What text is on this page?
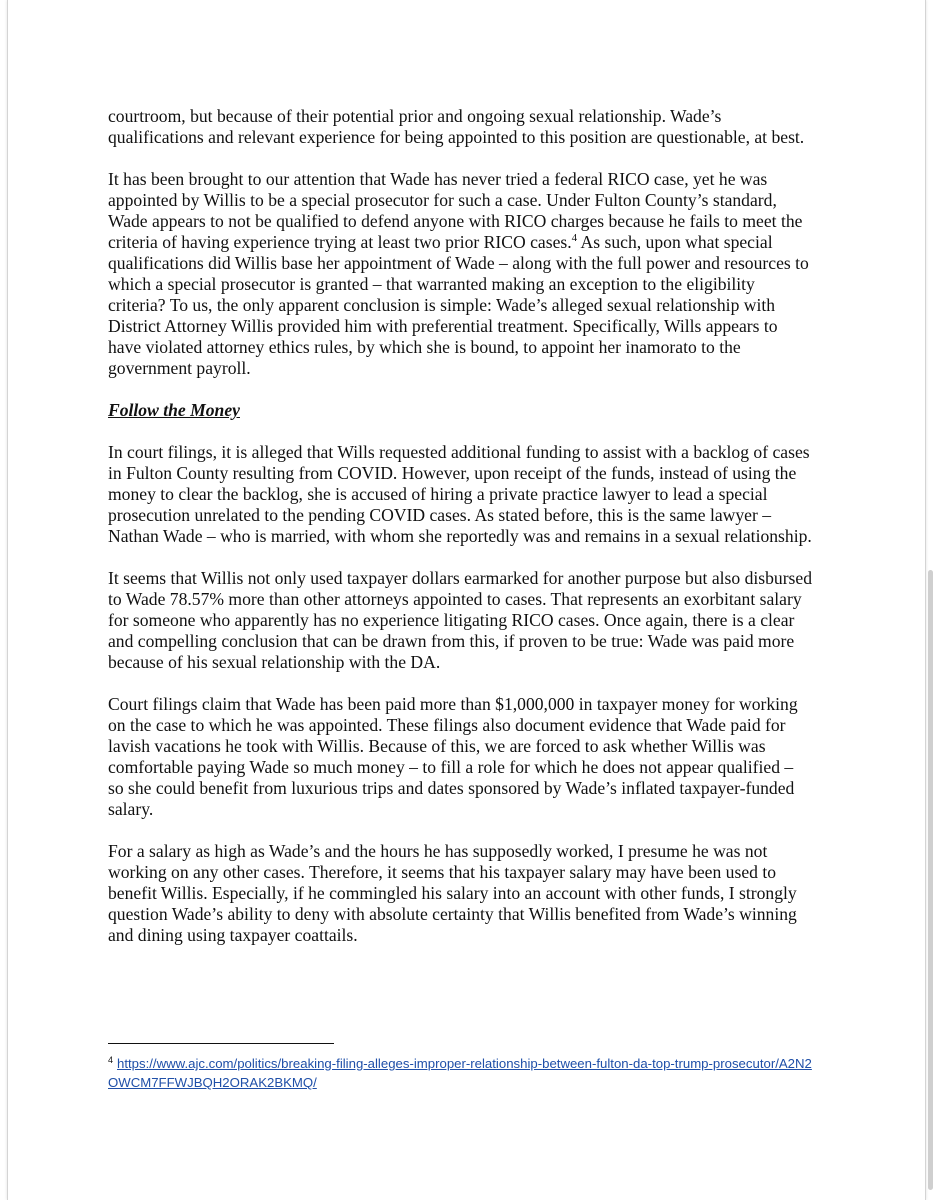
courtroom, but because of their potential prior and ongoing sexual relationship. Wade’s qualifications and relevant experience for being appointed to this position are questionable, at best.

It has been brought to our attention that Wade has never tried a federal RICO case, yet he was appointed by Willis to be a special prosecutor for such a case. Under Fulton County’s standard, Wade appears to not be qualified to defend anyone with RICO charges because he fails to meet the criteria of having experience trying at least two prior RICO cases.$^4$ As such, upon what special qualifications did Willis base her appointment of Wade – along with the full power and resources to which a special prosecutor is granted – that warranted making an exception to the eligibility criteria? To us, the only apparent conclusion is simple: Wade’s alleged sexual relationship with District Attorney Willis provided him with preferential treatment. Specifically, Wills appears to have violated attorney ethics rules, by which she is bound, to appoint her inamorato to the government payroll.

Follow the Money

In court filings, it is alleged that Wills requested additional funding to assist with a backlog of cases in Fulton County resulting from COVID. However, upon receipt of the funds, instead of using the money to clear the backlog, she is accused of hiring a private practice lawyer to lead a special prosecution unrelated to the pending COVID cases. As stated before, this is the same lawyer – Nathan Wade – who is married, with whom she reportedly was and remains in a sexual relationship.

It seems that Willis not only used taxpayer dollars earmarked for another purpose but also disbursed to Wade 78.57% more than other attorneys appointed to cases. That represents an exorbitant salary for someone who apparently has no experience litigating RICO cases. Once again, there is a clear and compelling conclusion that can be drawn from this, if proven to be true: Wade was paid more because of his sexual relationship with the DA.

Court filings claim that Wade has been paid more than $1,000,000 in taxpayer money for working on the case to which he was appointed. These filings also document evidence that Wade paid for lavish vacations he took with Willis. Because of this, we are forced to ask whether Willis was comfortable paying Wade so much money – to fill a role for which he does not appear qualified – so she could benefit from luxurious trips and dates sponsored by Wade’s inflated taxpayer-funded salary.

For a salary as high as Wade’s and the hours he has supposedly worked, I presume he was not working on any other cases. Therefore, it seems that his taxpayer salary may have been used to benefit Willis. Especially, if he commingled his salary into an account with other funds, I strongly question Wade’s ability to deny with absolute certainty that Willis benefited from Wade’s winning and dining using taxpayer coattails.

$^4$ https://www.ajc.com/politics/breaking-filing-alleges-improper-relationship-between-fulton-da-top-trump-prosecutor/A2N2OWCM7FFWJBQH2ORAK2BKMQ/
